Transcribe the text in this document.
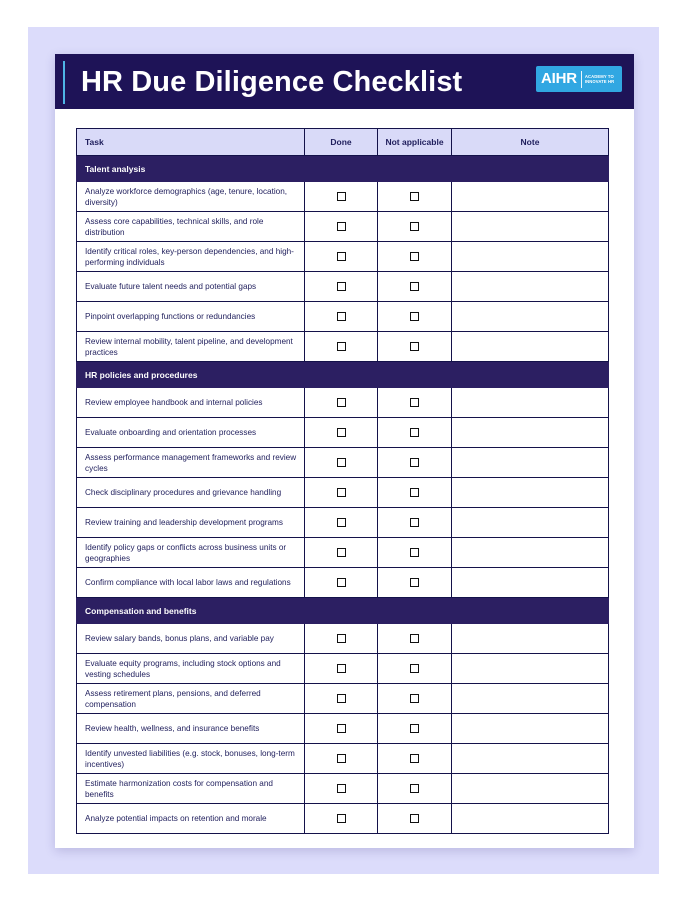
HR Due Diligence Checklist	AIHR ACADEMY TO
INNOVATE HR
Task	Done	Not applicable	Note
Talent analysis			
Analyze workforce demographics (age, tenure, location, diversity)			
Assess core capabilities, technical skills, and role distribution			
Identify critical roles, key-person dependencies, and high-performing individuals			
Evaluate future talent needs and potential gaps			
Pinpoint overlapping functions or redundancies			
Review internal mobility, talent pipeline, and development practices			
HR policies and procedures			
Review employee handbook and internal policies			
Evaluate onboarding and orientation processes			
Assess performance management frameworks and review cycles			
Check disciplinary procedures and grievance handling			
Review training and leadership development programs			
Identify policy gaps or conflicts across business units or geographies			
Confirm compliance with local labor laws and regulations			
Compensation and benefits			
Review salary bands, bonus plans, and variable pay			
Evaluate equity programs, including stock options and vesting schedules			
Assess retirement plans, pensions, and deferred compensation			
Review health, wellness, and insurance benefits			
Identify unvested liabilities (e.g. stock, bonuses, long-term incentives)			
Estimate harmonization costs for compensation and benefits			
Analyze potential impacts on retention and morale			
